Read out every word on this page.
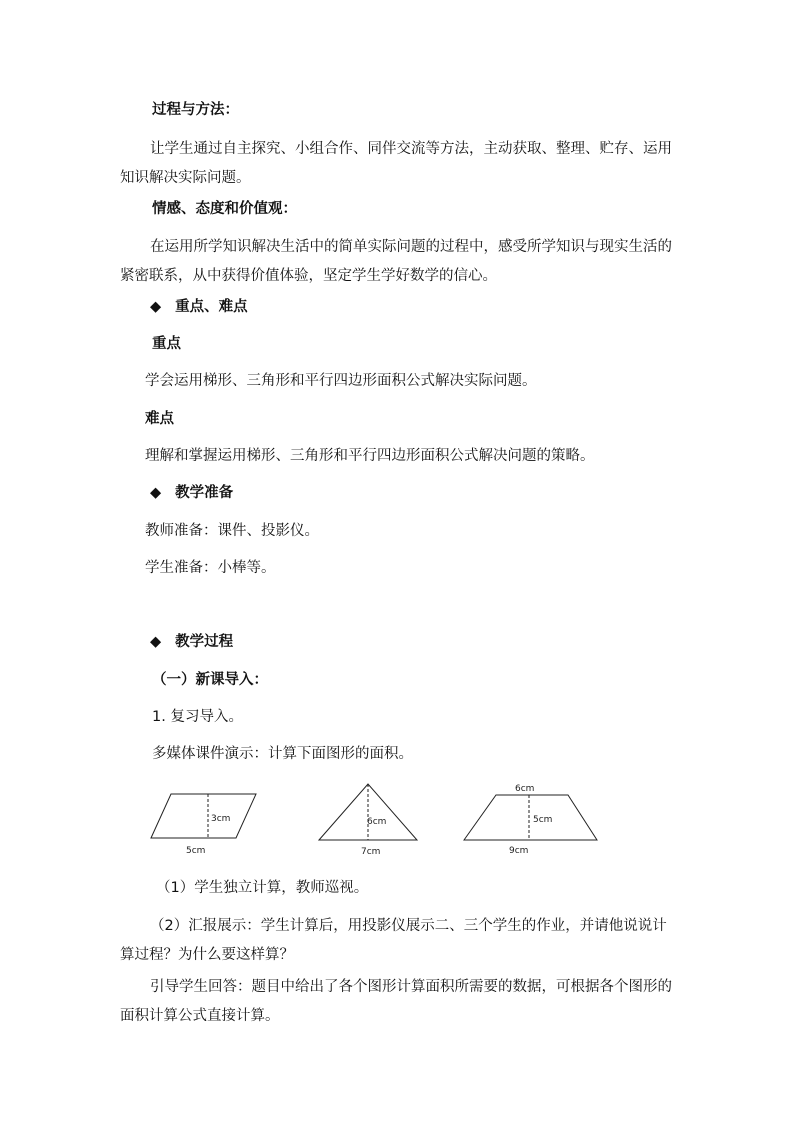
过程与方法：
让学生通过自主探究、小组合作、同伴交流等方法，主动获取、整理、贮存、运用知识解决实际问题。
情感、态度和价值观：
在运用所学知识解决生活中的简单实际问题的过程中，感受所学知识与现实生活的紧密联系，从中获得价值体验，坚定学生学好数学的信心。
◆ 重点、难点
重点
学会运用梯形、三角形和平行四边形面积公式解决实际问题。
难点
理解和掌握运用梯形、三角形和平行四边形面积公式解决问题的策略。
◆ 教学准备
教师准备：课件、投影仪。
学生准备：小棒等。
◆ 教学过程
（一）新课导入：
1. 复习导入。
多媒体课件演示：计算下面图形的面积。
3cm
5cm
6cm
7cm
6cm
5cm
9cm
（1）学生独立计算，教师巡视。
（2）汇报展示：学生计算后，用投影仪展示二、三个学生的作业，并请他说说计算过程？为什么要这样算？
引导学生回答：题目中给出了各个图形计算面积所需要的数据，可根据各个图形的面积计算公式直接计算。
